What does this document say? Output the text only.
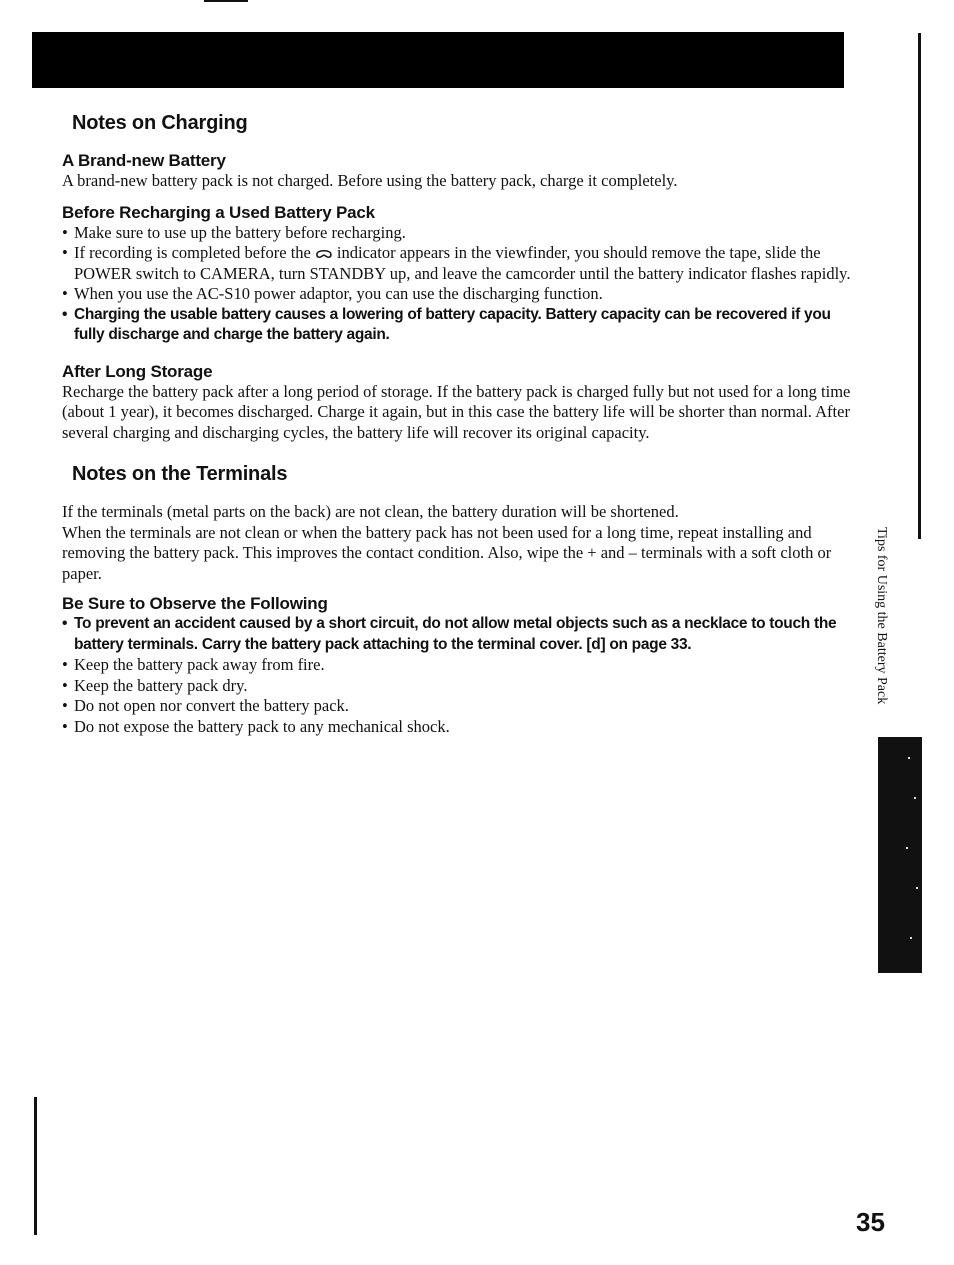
Tips for Using the Battery Pack
Notes on Charging
A Brand-new Battery

A brand-new battery pack is not charged. Before using the battery pack, charge it completely.

Before Recharging a Used Battery Pack
• Make sure to use up the battery before recharging.
• If recording is completed before the ᯅ indicator appears in the viewfinder, you should remove the tape, slide the POWER switch to CAMERA, turn STANDBY up, and leave the camcorder until the battery indicator flashes rapidly.
• When you use the AC-S10 power adaptor, you can use the discharging function.
• Charging the usable battery causes a lowering of battery capacity. Battery capacity can be recovered if you fully discharge and charge the battery again.
After Long Storage

Recharge the battery pack after a long period of storage. If the battery pack is charged fully but not used for a long time (about 1 year), it becomes discharged. Charge it again, but in this case the battery life will be shorter than normal. After several charging and discharging cycles, the battery life will recover its original capacity.

Notes on the Terminals

If the terminals (metal parts on the back) are not clean, the battery duration will be shortened.

When the terminals are not clean or when the battery pack has not been used for a long time, repeat installing and removing the battery pack. This improves the contact condition. Also, wipe the + and – terminals with a soft cloth or paper.

Be Sure to Observe the Following
• To prevent an accident caused by a short circuit, do not allow metal objects such as a necklace to touch the battery terminals. Carry the battery pack attaching to the terminal cover. [d] on page 33.
• Keep the battery pack away from fire.
• Keep the battery pack dry.
• Do not open nor convert the battery pack.
• Do not expose the battery pack to any mechanical shock.
35
